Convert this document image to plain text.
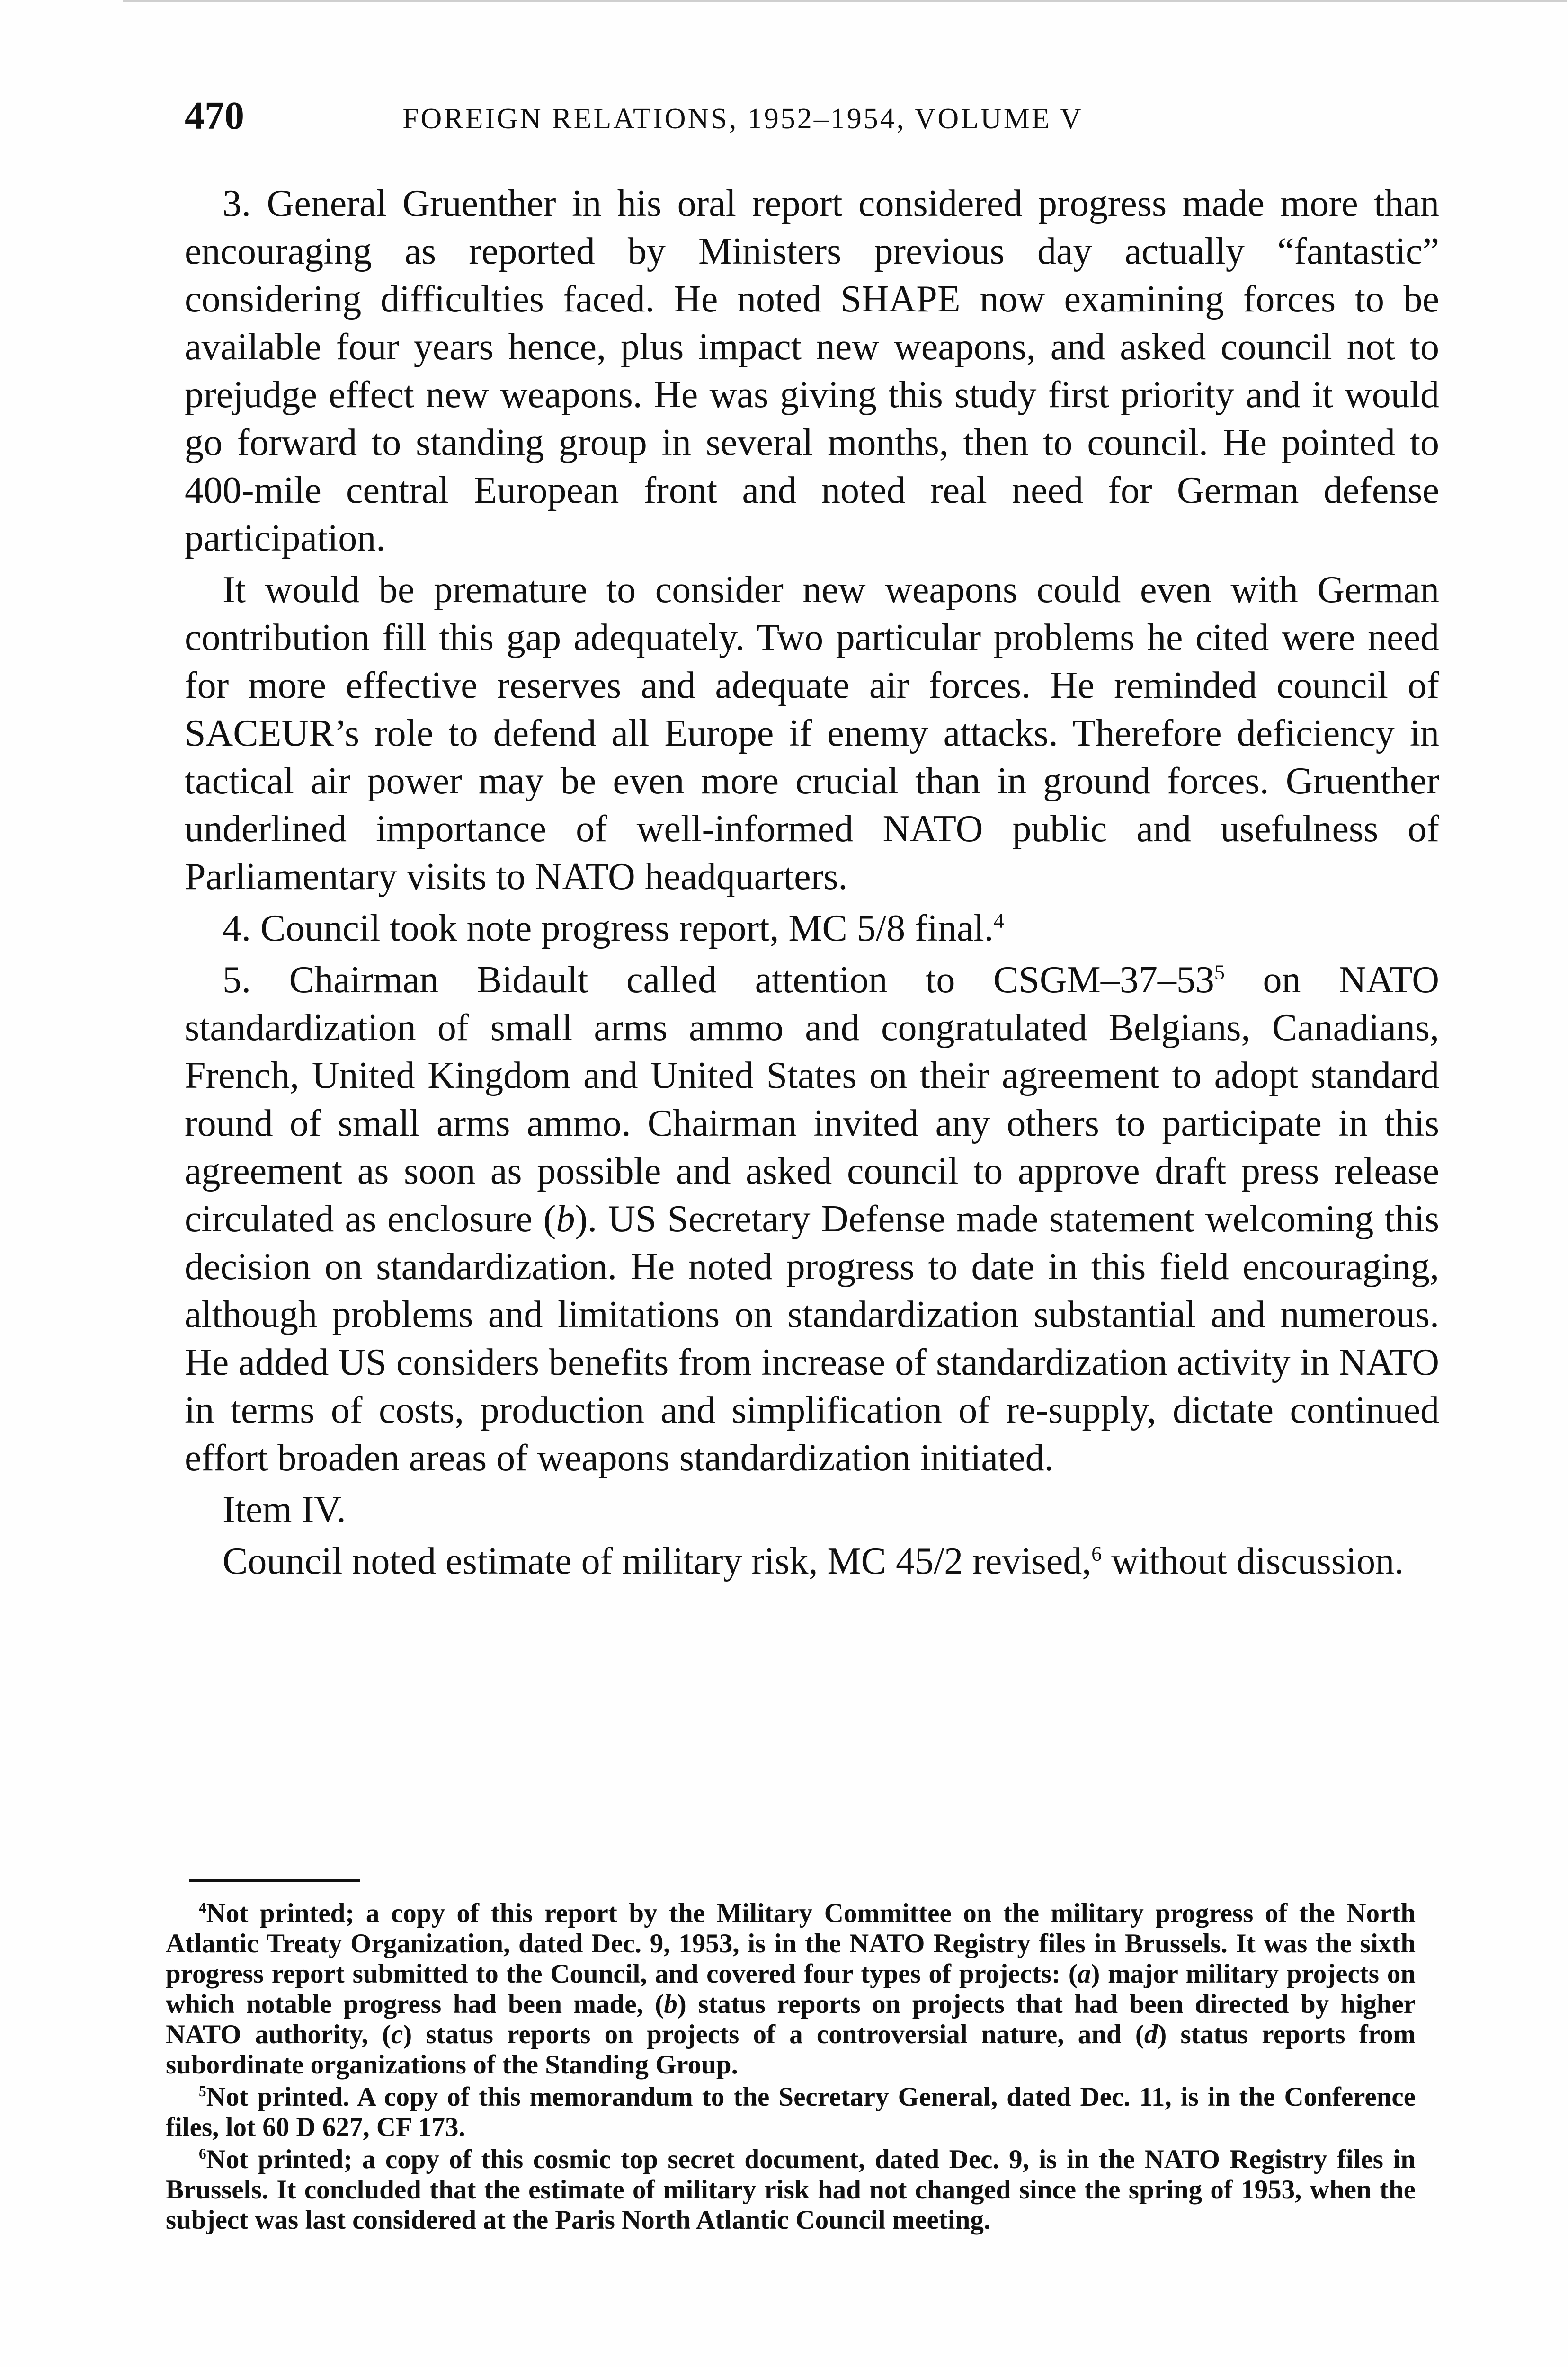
470	FOREIGN RELATIONS, 1952–1954, VOLUME V

3. General Gruenther in his oral report considered progress made more than encouraging as reported by Ministers previous day actually “fantastic” considering difficulties faced. He noted SHAPE now examining forces to be available four years hence, plus impact new weapons, and asked council not to prejudge effect new weapons. He was giving this study first priority and it would go forward to standing group in several months, then to council. He pointed to 400-mile central European front and noted real need for German defense participation.

It would be premature to consider new weapons could even with German contribution fill this gap adequately. Two particular problems he cited were need for more effective reserves and adequate air forces. He reminded council of SACEUR’s role to defend all Europe if enemy attacks. Therefore deficiency in tactical air power may be even more crucial than in ground forces. Gruenther underlined importance of well-informed NATO public and usefulness of Parliamentary visits to NATO headquarters.

4. Council took note progress report, MC 5/8 final.$^4$

5. Chairman Bidault called attention to CSGM–$37-53^5$ on NATO standardization of small arms ammo and congratulated Belgians, Canadians, French, United Kingdom and United States on their agreement to adopt standard round of small arms ammo. Chairman invited any others to participate in this agreement as soon as possible and asked council to approve draft press release circulated as enclosure (b). US Secretary Defense made statement welcoming this decision on standardization. He noted progress to date in this field encouraging, although problems and limitations on standardization substantial and numerous. He added US considers benefits from increase of standardization activity in NATO in terms of costs, production and simplification of re-supply, dictate continued effort broaden areas of weapons standardization initiated.

Item IV.

Council noted estimate of military risk, MC 45/2 revised,$^6$ without discussion.

$^4$Not printed; a copy of this report by the Military Committee on the military progress of the North Atlantic Treaty Organization, dated Dec. 9, 1953, is in the NATO Registry files in Brussels. It was the sixth progress report submitted to the Council, and covered four types of projects: (a) major military projects on which notable progress had been made, (b) status reports on projects that had been directed by higher NATO authority, (c) status reports on projects of a controversial nature, and (d) status reports from subordinate organizations of the Standing Group.

$^5$Not printed. A copy of this memorandum to the Secretary General, dated Dec. 11, is in the Conference files, lot 60 D 627, CF 173.

$^6$Not printed; a copy of this cosmic top secret document, dated Dec. 9, is in the NATO Registry files in Brussels. It concluded that the estimate of military risk had not changed since the spring of 1953, when the subject was last considered at the Paris North Atlantic Council meeting.
